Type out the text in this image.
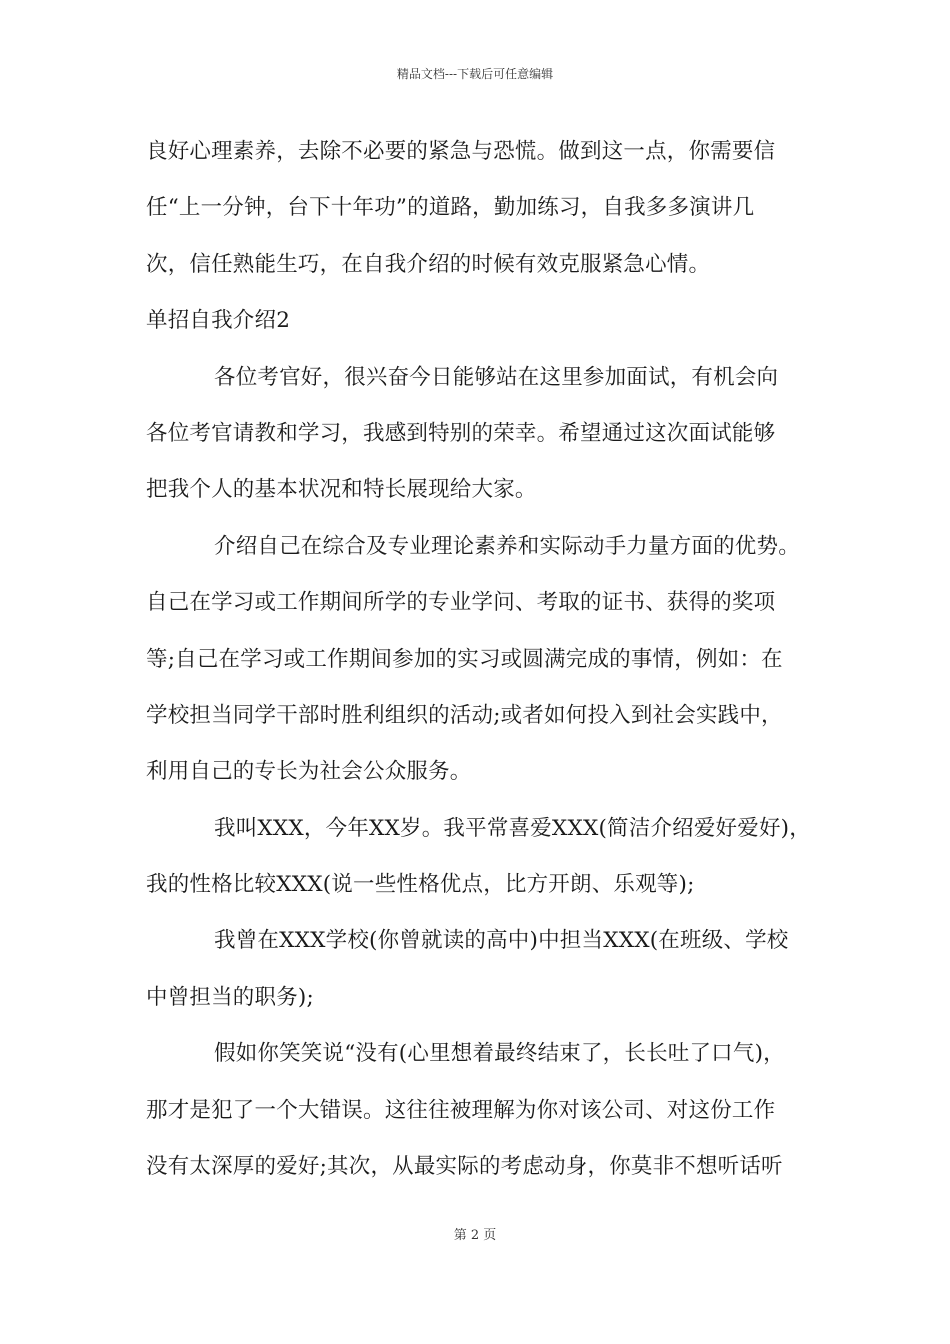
精品文档---下载后可任意编辑
良好心理素养，去除不必要的紧急与恐慌。做到这一点，你需要信
任“上一分钟，台下十年功”的道路，勤加练习，自我多多演讲几
次，信任熟能生巧，在自我介绍的时候有效克服紧急心情。
单招自我介绍2
各位考官好，很兴奋今日能够站在这里参加面试，有机会向
各位考官请教和学习，我感到特别的荣幸。希望通过这次面试能够
把我个人的基本状况和特长展现给大家。
介绍自己在综合及专业理论素养和实际动手力量方面的优势。
自己在学习或工作期间所学的专业学问、考取的证书、获得的奖项
等;自己在学习或工作期间参加的实习或圆满完成的事情，例如：在
学校担当同学干部时胜利组织的活动;或者如何投入到社会实践中，
利用自己的专长为社会公众服务。
我叫XXX，今年XX岁。我平常喜爱XXX(简洁介绍爱好爱好)，
我的性格比较XXX(说一些性格优点，比方开朗、乐观等);
我曾在XXX学校(你曾就读的高中)中担当XXX(在班级、学校
中曾担当的职务);
假如你笑笑说“没有(心里想着最终结束了，长长吐了口气)，
那才是犯了一个大错误。这往往被理解为你对该公司、对这份工作
没有太深厚的爱好;其次，从最实际的考虑动身，你莫非不想听话听
第 2 页
